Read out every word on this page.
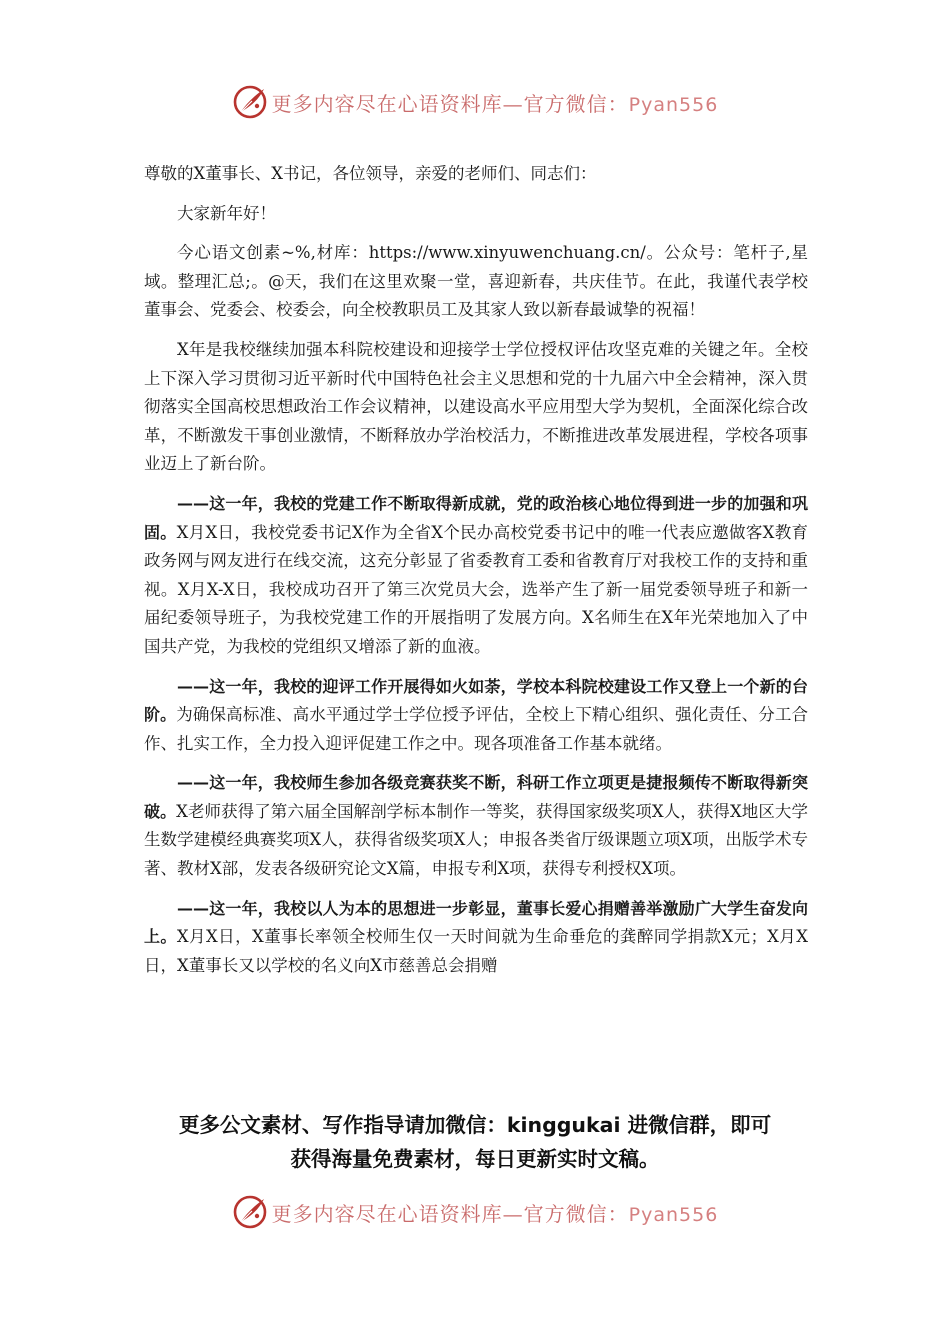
更多内容尽在心语资料库—官方微信：Pyan556

尊敬的X董事长、X书记，各位领导，亲爱的老师们、同志们：

大家新年好！

今心语文创素~%,材库：https://www.xinyuwenchuang.cn/。公众号：笔杆子,星域。整理汇总;。@天，我们在这里欢聚一堂，喜迎新春，共庆佳节。在此，我谨代表学校董事会、党委会、校委会，向全校教职员工及其家人致以新春最诚挚的祝福！

X年是我校继续加强本科院校建设和迎接学士学位授权评估攻坚克难的关键之年。全校上下深入学习贯彻习近平新时代中国特色社会主义思想和党的十九届六中全会精神，深入贯彻落实全国高校思想政治工作会议精神，以建设高水平应用型大学为契机，全面深化综合改革，不断激发干事创业激情，不断释放办学治校活力，不断推进改革发展进程，学校各项事业迈上了新台阶。

——这一年，我校的党建工作不断取得新成就，党的政治核心地位得到进一步的加强和巩固。X月X日，我校党委书记X作为全省X个民办高校党委书记中的唯一代表应邀做客X教育政务网与网友进行在线交流，这充分彰显了省委教育工委和省教育厅对我校工作的支持和重视。X月X-X日，我校成功召开了第三次党员大会，选举产生了新一届党委领导班子和新一届纪委领导班子，为我校党建工作的开展指明了发展方向。X名师生在X年光荣地加入了中国共产党，为我校的党组织又增添了新的血液。

——这一年，我校的迎评工作开展得如火如荼，学校本科院校建设工作又登上一个新的台阶。为确保高标准、高水平通过学士学位授予评估，全校上下精心组织、强化责任、分工合作、扎实工作，全力投入迎评促建工作之中。现各项准备工作基本就绪。

——这一年，我校师生参加各级竞赛获奖不断，科研工作立项更是捷报频传不断取得新突破。X老师获得了第六届全国解剖学标本制作一等奖，获得国家级奖项X人，获得X地区大学生数学建模经典赛奖项X人，获得省级奖项X人；申报各类省厅级课题立项X项，出版学术专著、教材X部，发表各级研究论文X篇，申报专利X项，获得专利授权X项。

——这一年，我校以人为本的思想进一步彰显，董事长爱心捐赠善举激励广大学生奋发向上。X月X日，X董事长率领全校师生仅一天时间就为生命垂危的龚醉同学捐款X元；X月X日，X董事长又以学校的名义向X市慈善总会捐赠

更多公文素材、写作指导请加微信：kinggukai 进微信群，即可
获得海量免费素材，每日更新实时文稿。
更多内容尽在心语资料库—官方微信：Pyan556
